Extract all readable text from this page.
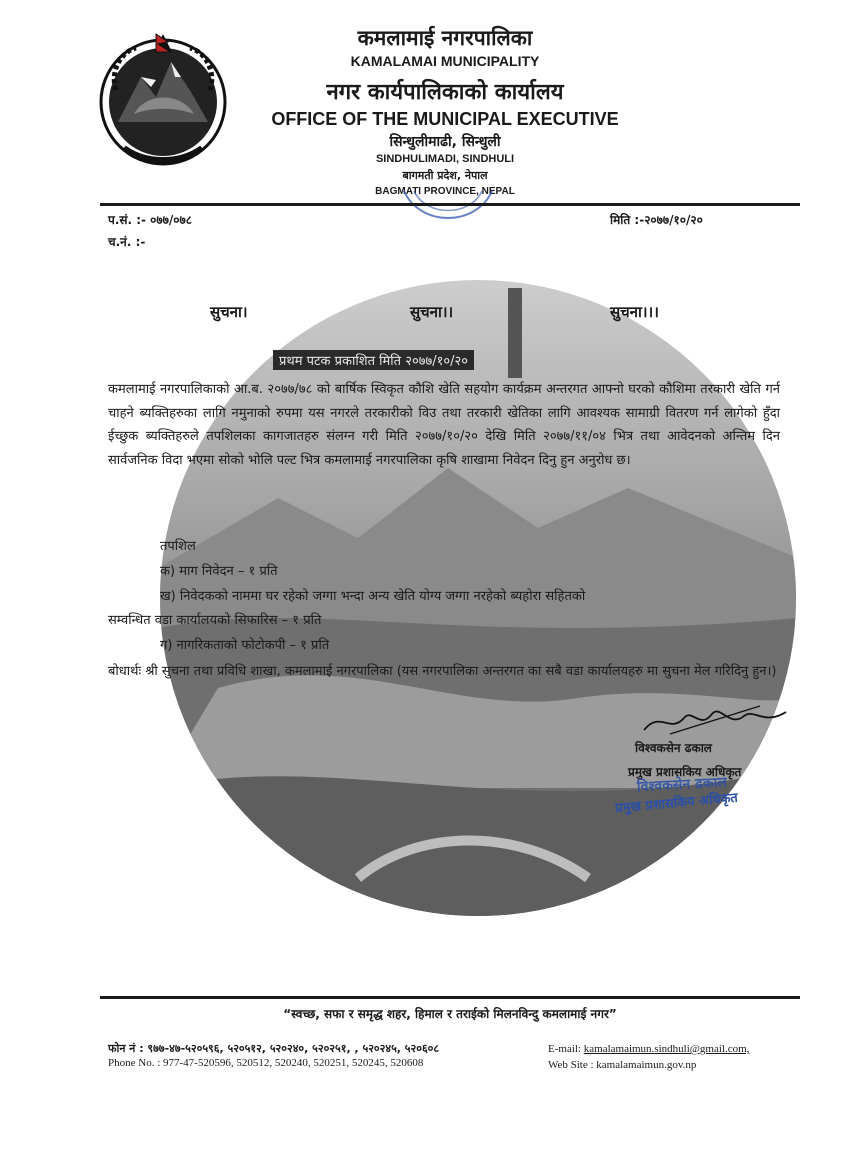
कमलामाई नगरपालिका
KAMALAMAI MUNICIPALITY
नगर कार्यपालिकाको कार्यालय
OFFICE OF THE MUNICIPAL EXECUTIVE
सिन्धुलीमाढी, सिन्धुली
SINDHULIMADI, SINDHULI
बागमती प्रदेश, नेपाल
BAGMATI PROVINCE, NEPAL
प.सं. :- ०७७/०७८
च.नं. :-
मिति :-२०७७/१०/२०
सुचना।	सुचना।।	सुचना।।।
प्रथम पटक प्रकाशित मिति २०७७/१०/२०
कमलामाई नगरपालिकाको आ.ब. २०७७/७८ को बार्षिक स्विकृत कौशि खेति सहयोग कार्यक्रम अन्तरगत आफ्नो घरको कौशिमा तरकारी खेति गर्न चाहने ब्यक्तिहरुका लागि नमुनाको रुपमा यस नगरले तरकारीको विउ तथा तरकारी खेतिका लागि आवश्यक सामाग्री वितरण गर्न लागेको हुँदा ईच्छुक ब्यक्तिहरुले तपशिलका कागजातहरु संलग्न गरी मिति २०७७/१०/२० देखि मिति २०७७/११/०४ भित्र तथा आवेदनको अन्तिम दिन सार्वजनिक विदा भएमा सोको भोलि पल्ट भित्र कमलामाई नगरपालिका कृषि शाखामा निवेदन दिनु हुन अनुरोध छ।
तपशिल
क) माग निवेदन – १ प्रति
ख) निवेदकको नाममा घर रहेको जग्गा भन्दा अन्य खेति योग्य जग्गा नरहेको ब्यहोरा सहितको
सम्वन्धित वडा कार्यालयको सिफारिस – १ प्रति
ग) नागरिकताको फोटोकपी – १ प्रति
बोधार्थः श्री सुचना तथा प्रविधि शाखा, कमलामाई नगरपालिका (यस नगरपालिका अन्तरगत का सबै वडा कार्यालयहरु मा सुचना मेल गरिदिनु हुन।)
विश्वकसेन ढकाल
प्रमुख प्रशासकिय अधिकृत
विश्वकसेन ढकाल
प्रमुख प्रशासकिय अधिकृत
“स्वच्छ, सफा र समृद्ध शहर, हिमाल र तराईको मिलनविन्दु कमलामाई नगर”
फोन नं : ९७७-४७-५२०५९६, ५२०५१२, ५२०२४०, ५२०२५१, , ५२०२४५, ५२०६०८
Phone No. : 977-47-520596, 520512, 520240, 520251, 520245, 520608
E-mail: kamalamaimun.sindhuli@gmail.com,
Web Site : kamalamaimun.gov.np
